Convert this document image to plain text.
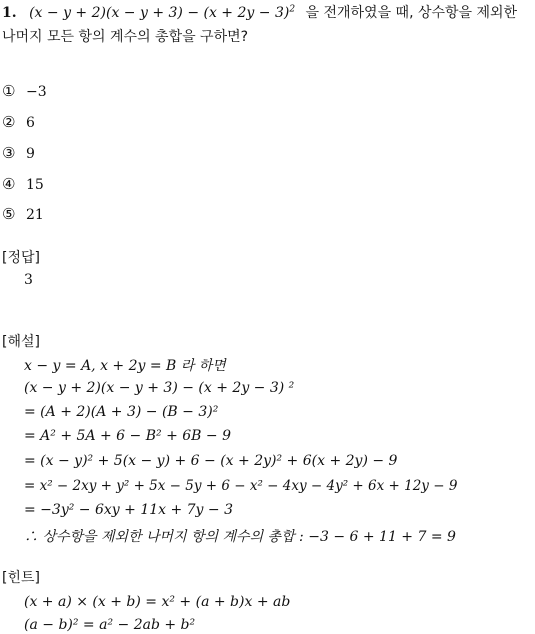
1. $(x - y + 2)(x - y + 3) - (x + 2y - 3)^2$ 을 전개하였을 때, 상수항을 제외한
나머지 모든 항의 계수의 총합을 구하면?
① −3
② 6
③ 9
④ 15
⑤ 21
[정답]
3
[해설]
x − y = A, x + 2y = B 라 하면
(x − y + 2)(x − y + 3) − (x + 2y − 3) ²
= (A + 2)(A + 3) − (B − 3)²
= A² + 5A + 6 − B² + 6B − 9
= (x − y)² + 5(x − y) + 6 − (x + 2y)² + 6(x + 2y) − 9
= x² − 2xy + y² + 5x − 5y + 6 − x² − 4xy − 4y² + 6x + 12y − 9
= −3y² − 6xy + 11x + 7y − 3
∴ 상수항을 제외한 나머지 항의 계수의 총합 : −3 − 6 + 11 + 7 = 9
[힌트]
(x + a) × (x + b) = x² + (a + b)x + ab
(a − b)² = a² − 2ab + b²
